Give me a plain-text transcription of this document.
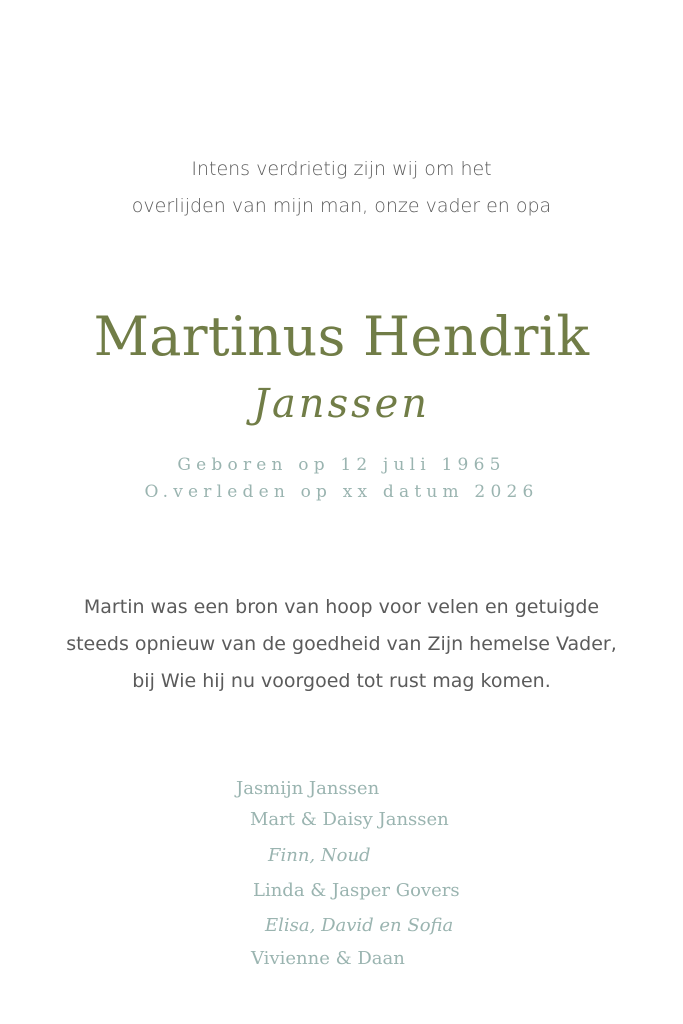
Intens verdrietig zijn wij om het
overlijden van mijn man, onze vader en opa
Martinus Hendrik
Janssen
Geboren op 12 juli 1965
O.verleden op xx datum 2026
Martin was een bron van hoop voor velen en getuigde
steeds opnieuw van de goedheid van Zijn hemelse Vader,
bij Wie hij nu voorgoed tot rust mag komen.
Jasmijn Janssen
Mart & Daisy Janssen
Finn, Noud
Linda & Jasper Govers
Elisa, David en Sofia
Vivienne & Daan
